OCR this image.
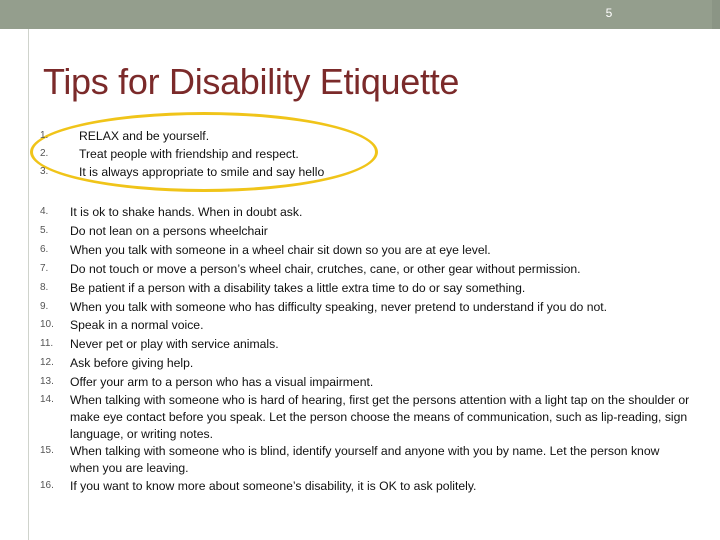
5
Tips for Disability Etiquette
1.	RELAX and be yourself.
2.	Treat people with friendship and respect.
3.	It is always appropriate to smile and say hello
4.	It is ok to shake hands. When in doubt ask.
5.	Do not lean on a persons wheelchair
6.	When you talk with someone in a wheel chair sit down so you are at eye level.
7.	Do not touch or move a person’s wheel chair, crutches, cane, or other gear without permission.
8.	Be patient if a person with a disability takes a little extra time to do or say something.
9.	When you talk with someone who has difficulty speaking, never pretend to understand if you do not.
10.	Speak in a normal voice.
11.	Never pet or play with service animals.
12.	Ask before giving help.
13.	Offer your arm to a person who has a visual impairment.
14.	When talking with someone who is hard of hearing, first get the persons attention with a light tap on the shoulder or make eye contact before you speak. Let the person choose the means of communication, such as lip-reading, sign language, or writing notes.
15.	When talking with someone who is blind, identify yourself and anyone with you by name. Let the person know when you are leaving.
16.	If you want to know more about someone’s disability, it is OK to ask politely.
